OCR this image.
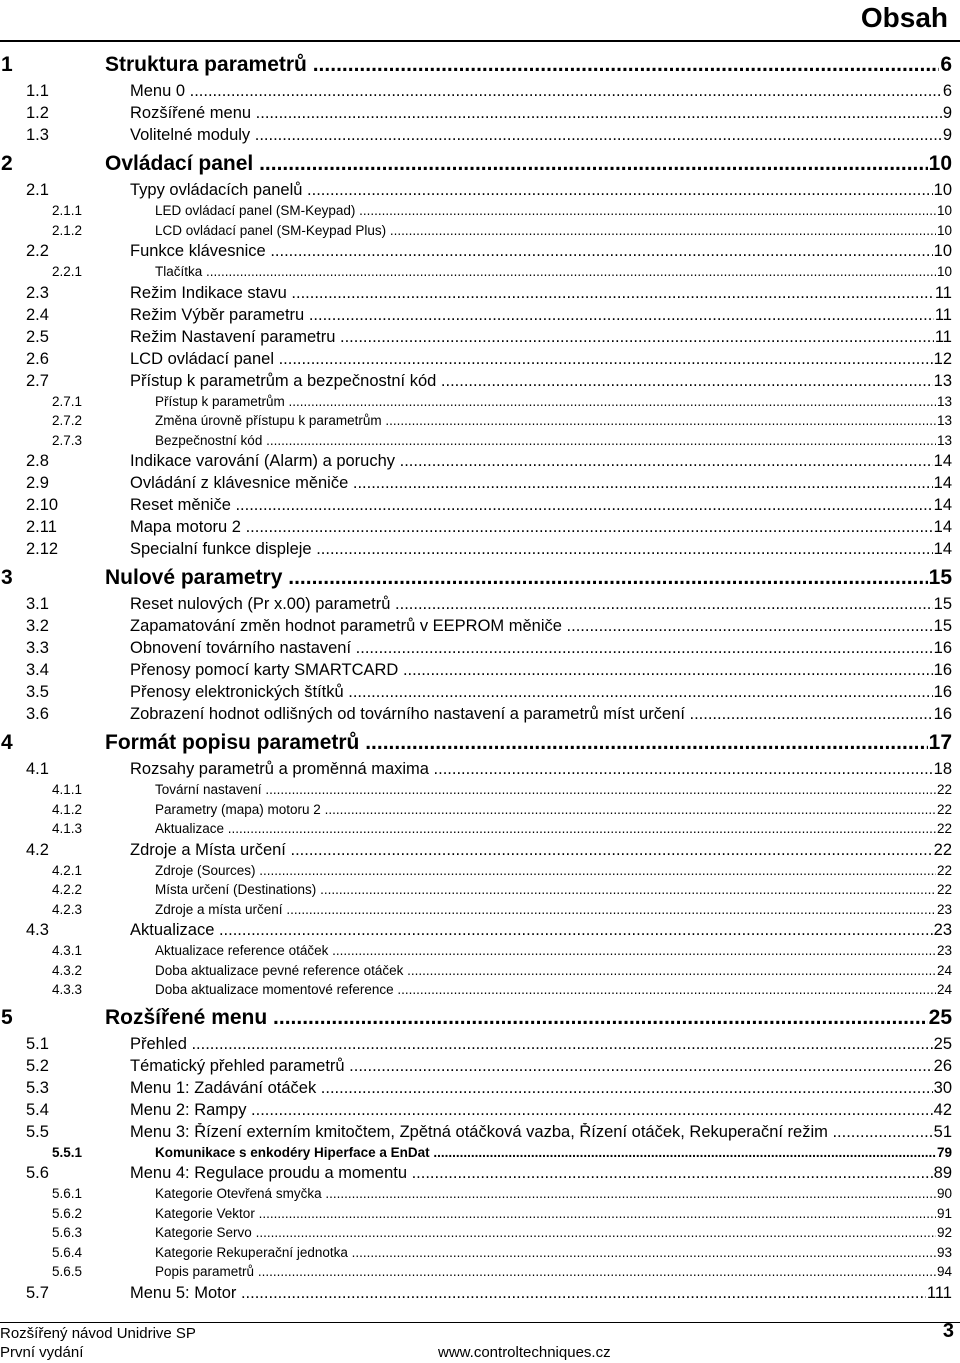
Obsah
1	Struktura parametrů .....	6
1.1	Menu 0 .....	6
1.2	Rozšířené menu .....	9
1.3	Volitelné moduly .....	9
2	Ovládací panel .....	10
2.1	Typy ovládacích panelů .....	10
2.1.1	LED ovládací panel (SM-Keypad) .....	10
2.1.2	LCD ovládací panel (SM-Keypad Plus) .....	10
2.2	Funkce klávesnice .....	10
2.2.1	Tlačítka .....	10
2.3	Režim Indikace stavu .....	11
2.4	Režim Výběr parametru .....	11
2.5	Režim Nastavení parametru .....	11
2.6	LCD ovládací panel .....	12
2.7	Přístup k parametrům a bezpečnostní kód .....	13
2.7.1	Přístup k parametrům .....	13
2.7.2	Změna úrovně přístupu k parametrům .....	13
2.7.3	Bezpečnostní kód .....	13
2.8	Indikace varování (Alarm) a poruchy .....	14
2.9	Ovládání z klávesnice měniče .....	14
2.10	Reset měniče .....	14
2.11	Mapa motoru 2 .....	14
2.12	Specialní funkce displeje .....	14
3	Nulové parametry .....	15
3.1	Reset nulových (Pr x.00) parametrů .....	15
3.2	Zapamatování změn hodnot parametrů v EEPROM měniče .....	15
3.3	Obnovení továrního nastavení .....	16
3.4	Přenosy pomocí karty SMARTCARD .....	16
3.5	Přenosy elektronických štítků .....	16
3.6	Zobrazení hodnot odlišných od továrního nastavení a parametrů míst určení .....	16
4	Formát popisu parametrů .....	17
4.1	Rozsahy parametrů a proměnná maxima .....	18
4.1.1	Tovární nastavení .....	22
4.1.2	Parametry (mapa) motoru 2 .....	22
4.1.3	Aktualizace .....	22
4.2	Zdroje a Místa určení .....	22
4.2.1	Zdroje (Sources) .....	22
4.2.2	Místa určení (Destinations) .....	22
4.2.3	Zdroje a místa určení .....	23
4.3	Aktualizace .....	23
4.3.1	Aktualizace reference otáček .....	23
4.3.2	Doba aktualizace pevné reference otáček .....	24
4.3.3	Doba aktualizace momentové reference .....	24
5	Rozšířené menu .....	25
5.1	Přehled .....	25
5.2	Tématický přehled parametrů .....	26
5.3	Menu 1: Zadávání otáček .....	30
5.4	Menu 2: Rampy .....	42
5.5	Menu 3: Řízení externím kmitočtem, Zpětná otáčková vazba, Řízení otáček, Rekuperační režim .....	51
5.5.1	Komunikace s enkodéry Hiperface a EnDat .....	79
5.6	Menu 4: Regulace proudu a momentu .....	89
5.6.1	Kategorie Otevřená smyčka .....	90
5.6.2	Kategorie Vektor .....	91
5.6.3	Kategorie Servo .....	92
5.6.4	Kategorie Rekuperační jednotka .....	93
5.6.5	Popis parametrů .....	94
5.7	Menu 5: Motor .....	111
Rozšířený návod Unidrive SP
První vydání
3
www.controltechniques.cz
